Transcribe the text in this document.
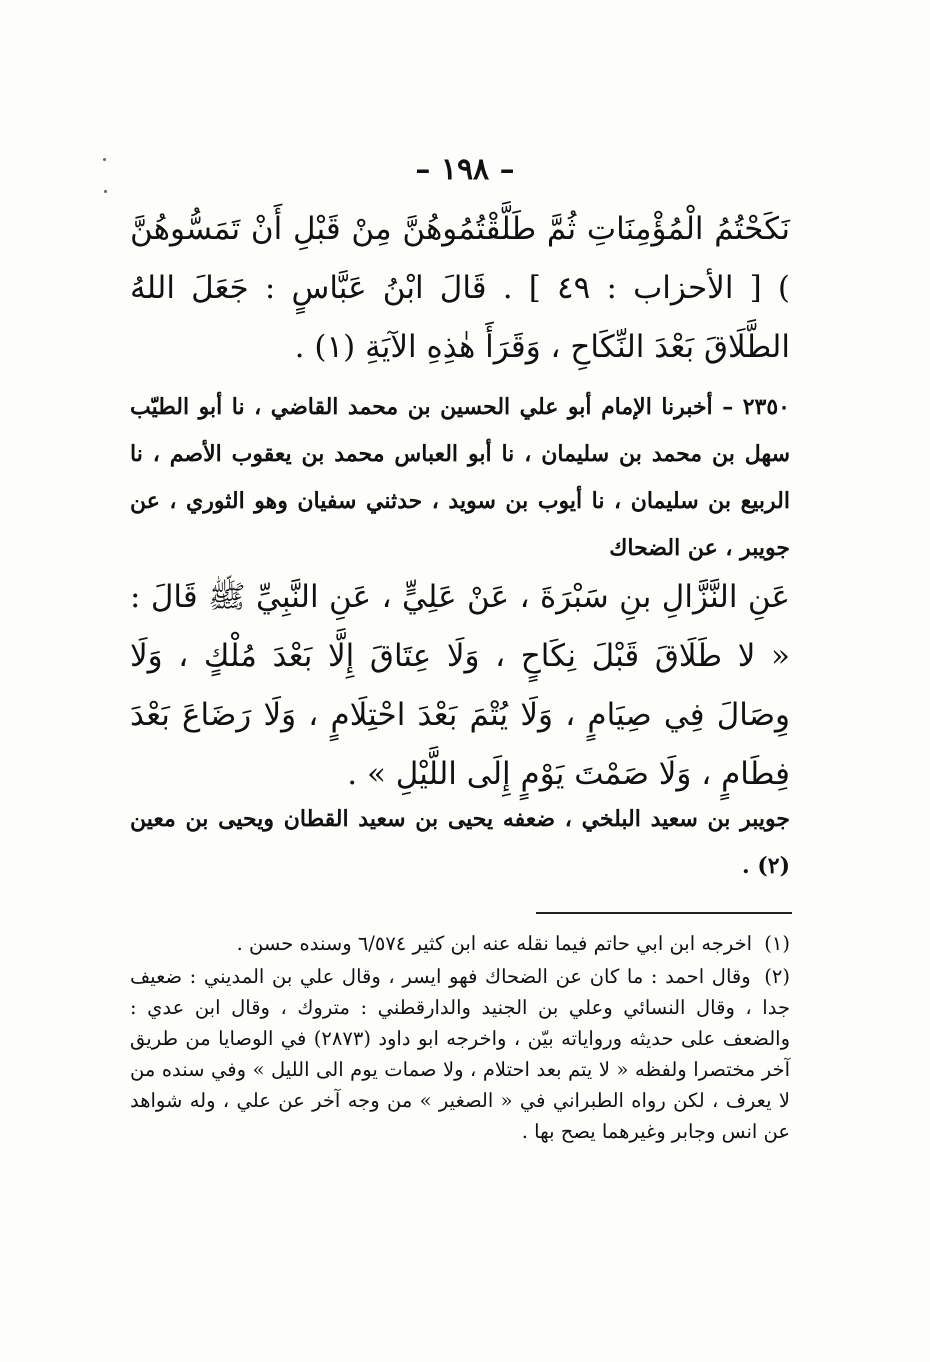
– ١٩٨ –

نَكَحْتُمُ الْمُؤْمِنَاتِ ثُمَّ طَلَّقْتُمُوهُنَّ مِنْ قَبْلِ أَنْ تَمَسُّوهُنَّ ) [ الأحزاب : ٤٩ ] . قَالَ ابْنُ عَبَّاسٍ : جَعَلَ اللهُ الطَّلَاقَ بَعْدَ النِّكَاحِ ، وَقَرَأَ هٰذِهِ الآيَةِ (١) .

٢٣٥٠ – أخبرنا الإمام أبو علي الحسين بن محمد القاضي ، نا أبو الطيّب سهل بن محمد بن سليمان ، نا أبو العباس محمد بن يعقوب الأصم ، نا الربيع بن سليمان ، نا أيوب بن سويد ، حدثني سفيان وهو الثوري ، عن جويبر ، عن الضحاك

عَنِ النَّزَّالِ بنِ سَبْرَةَ ، عَنْ عَلِيٍّ ، عَنِ النَّبِيِّ ﷺ قَالَ : « لا طَلَاقَ قَبْلَ نِكَاحٍ ، وَلَا عِتَاقَ إِلَّا بَعْدَ مُلْكٍ ، وَلَا وِصَالَ فِي صِيَامٍ ، وَلَا يُتْمَ بَعْدَ احْتِلَامٍ ، وَلَا رَضَاعَ بَعْدَ فِطَامٍ ، وَلَا صَمْتَ يَوْمٍ إِلَى اللَّيْلِ » .

جويبر بن سعيد البلخي ، ضعفه يحيى بن سعيد القطان ويحيى بن معين (٢) .

(١) اخرجه ابن ابي حاتم فيما نقله عنه ابن كثير ٦/٥٧٤ وسنده حسن .

(٢) وقال احمد : ما كان عن الضحاك فهو ايسر ، وقال علي بن المديني : ضعيف جدا ، وقال النسائي وعلي بن الجنيد والدارقطني : متروك ، وقال ابن عدي : والضعف على حديثه ورواياته بيّن ، واخرجه ابو داود (٢٨٧٣) في الوصايا من طريق آخر مختصرا ولفظه « لا يتم بعد احتلام ، ولا صمات يوم الى الليل » وفي سنده من لا يعرف ، لكن رواه الطبراني في « الصغير » من وجه آخر عن علي ، وله شواهد عن انس وجابر وغيرهما يصح بها .
